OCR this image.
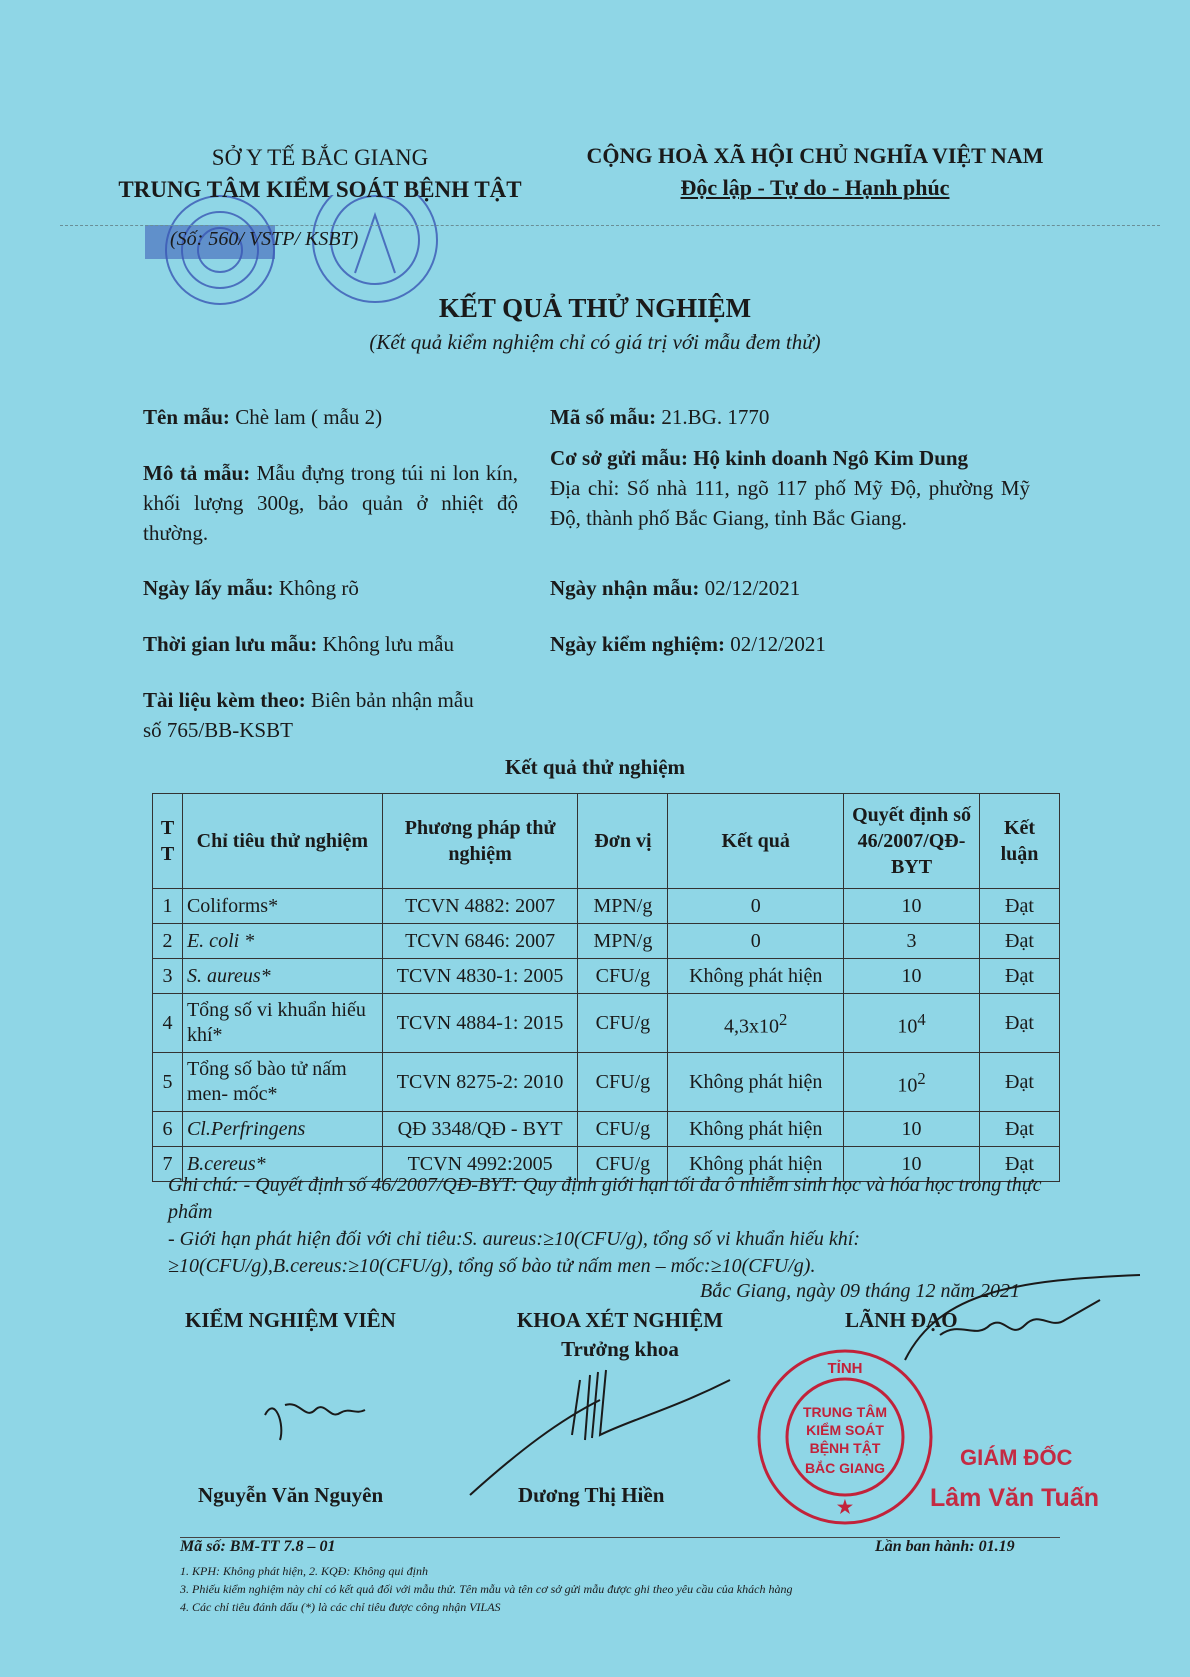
SỞ Y TẾ BẮC GIANG
TRUNG TÂM KIỂM SOÁT BỆNH TẬT
CỘNG HOÀ XÃ HỘI CHỦ NGHĨA VIỆT NAM
Độc lập - Tự do - Hạnh phúc
(Số: 560/ VSTP/ KSBT)
KẾT QUẢ THỬ NGHIỆM
(Kết quả kiểm nghiệm chỉ có giá trị với mẫu đem thử)
Tên mẫu: Chè lam ( mẫu 2)
Mô tả mẫu: Mẫu đựng trong túi ni lon kín, khối lượng 300g, bảo quản ở nhiệt độ thường.
Ngày lấy mẫu: Không rõ
Thời gian lưu mẫu: Không lưu mẫu
Tài liệu kèm theo: Biên bản nhận mẫu số 765/BB-KSBT
Mã số mẫu: 21.BG. 1770
Cơ sở gửi mẫu: Hộ kinh doanh Ngô Kim Dung
Địa chỉ: Số nhà 111, ngõ 117 phố Mỹ Độ, phường Mỹ Độ, thành phố Bắc Giang, tỉnh Bắc Giang.
Ngày nhận mẫu: 02/12/2021
Ngày kiểm nghiệm: 02/12/2021
Kết quả thử nghiệm
TT	Chỉ tiêu thử nghiệm	Phương pháp thử nghiệm	Đơn vị	Kết quả	Quyết định số 46/2007/QĐ-BYT	Kết luận
1	Coliforms*	TCVN 4882: 2007	MPN/g	0	10	Đạt
2	E. coli *	TCVN 6846: 2007	MPN/g	0	3	Đạt
3	S. aureus*	TCVN 4830-1: 2005	CFU/g	Không phát hiện	10	Đạt
4	Tổng số vi khuẩn hiếu khí*	TCVN 4884-1: 2015	CFU/g	$4,3x10^2$	$10^4$	Đạt
5	Tổng số bào tử nấm men- mốc*	TCVN 8275-2: 2010	CFU/g	Không phát hiện	$10^2$	Đạt
6	Cl.Perfringens	QĐ 3348/QĐ - BYT	CFU/g	Không phát hiện	10	Đạt
7	B.cereus*	TCVN 4992:2005	CFU/g	Không phát hiện	10	Đạt
Ghi chú: - Quyết định số 46/2007/QĐ-BYT: Quy định giới hạn tối đa ô nhiễm sinh học và hóa học trong thực phẩm
- Giới hạn phát hiện đối với chỉ tiêu:S. aureus:≥10(CFU/g), tổng số vi khuẩn hiếu khí: ≥10(CFU/g),B.cereus:≥10(CFU/g), tổng số bào tử nấm men – mốc:≥10(CFU/g).
Bắc Giang, ngày 09 tháng 12 năm 2021
KIỂM NGHIỆM VIÊN	KHOA XÉT NGHIỆM
Trưởng khoa
LÃNH ĐẠO
TỈNH
TRUNG TÂM
KIỂM SOÁT
BỆNH TẬT
BẮC GIANG
★
GIÁM ĐỐC
Lâm Văn Tuấn
Nguyễn Văn Nguyên	Dương Thị Hiền
Mã số: BM-TT 7.8 – 01	Lần ban hành: 01.19
1. KPH: Không phát hiện, 2. KQĐ: Không qui định
3. Phiếu kiểm nghiệm này chỉ có kết quả đối với mẫu thử. Tên mẫu và tên cơ sở gửi mẫu được ghi theo yêu cầu của khách hàng
4. Các chỉ tiêu đánh dấu (*) là các chỉ tiêu được công nhận VILAS
